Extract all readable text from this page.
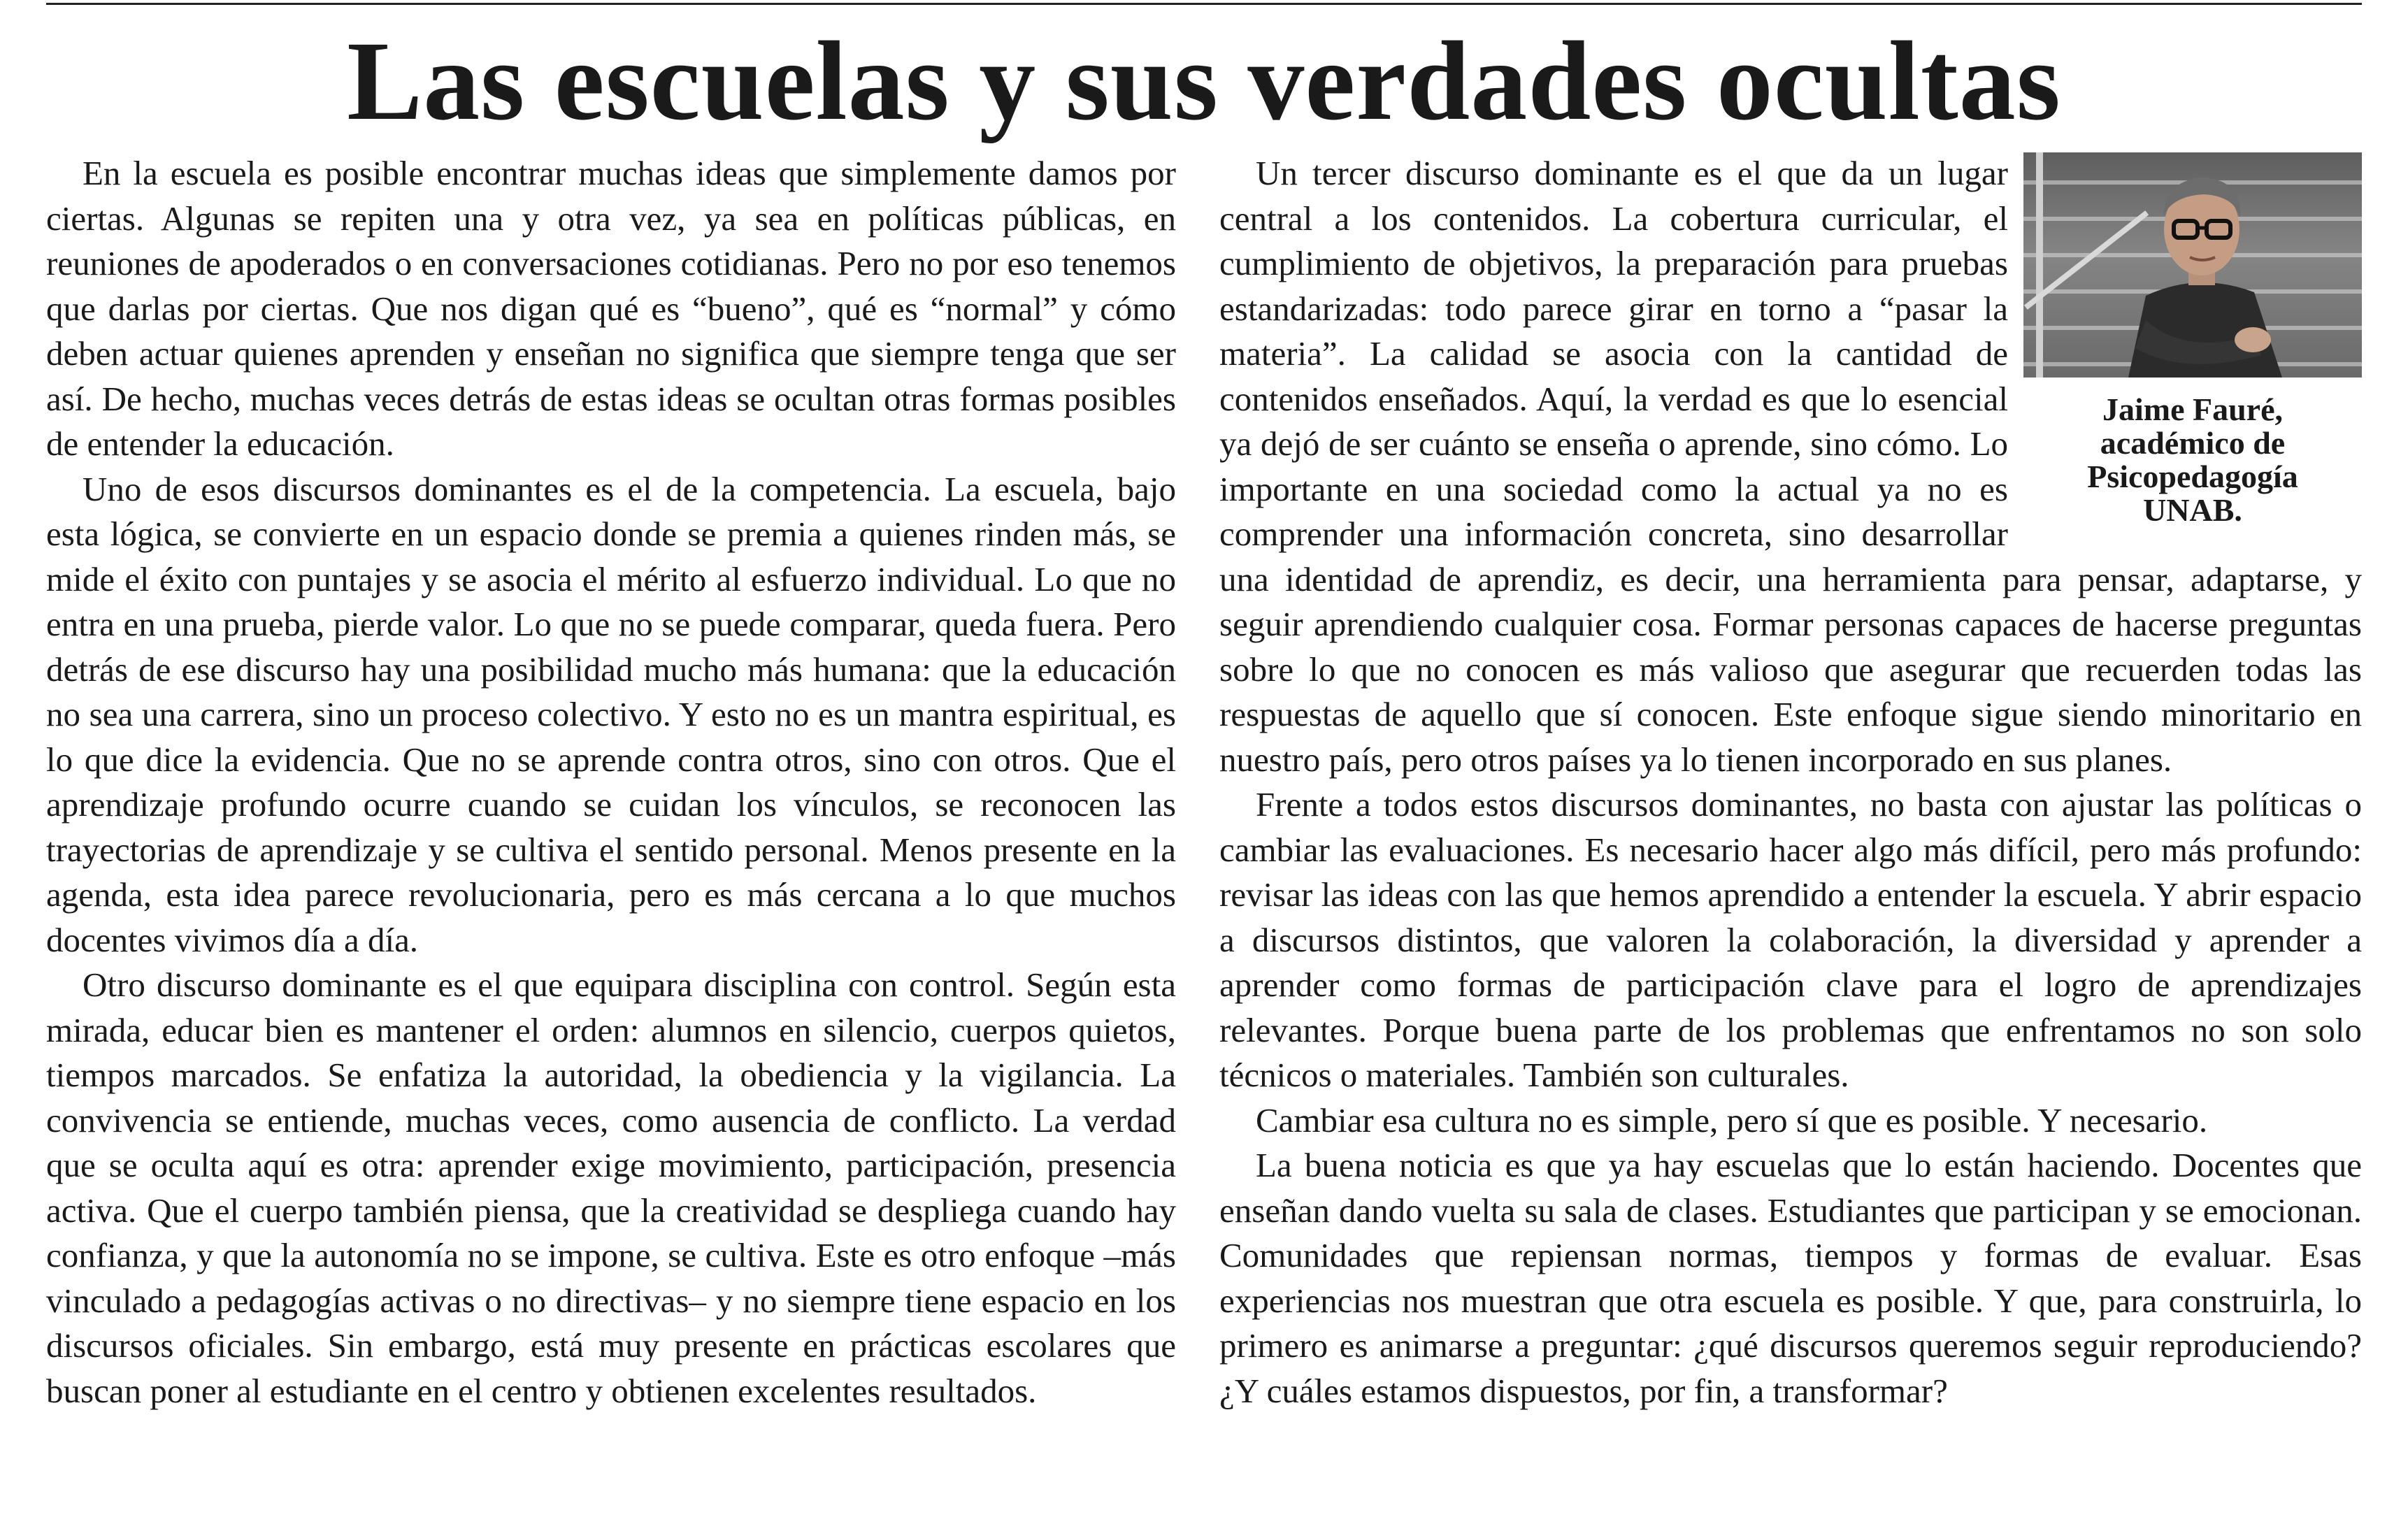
Las escuelas y sus verdades ocultas

En la escuela es posible encontrar muchas ideas que simplemente damos por ciertas. Algunas se repiten una y otra vez, ya sea en políticas públicas, en reuniones de apoderados o en conversaciones cotidianas. Pero no por eso tenemos que darlas por ciertas. Que nos digan qué es “bueno”, qué es “normal” y cómo deben actuar quienes aprenden y enseñan no significa que siempre tenga que ser así. De hecho, muchas veces detrás de estas ideas se ocultan otras formas posibles de entender la educación.

Uno de esos discursos dominantes es el de la competencia. La escuela, bajo esta lógica, se convierte en un espacio donde se premia a quienes rinden más, se mide el éxito con puntajes y se asocia el mérito al esfuerzo individual. Lo que no entra en una prueba, pierde valor. Lo que no se puede comparar, queda fuera. Pero detrás de ese discurso hay una posibilidad mucho más humana: que la educación no sea una carrera, sino un proceso colectivo. Y esto no es un mantra espiritual, es lo que dice la evidencia. Que no se aprende contra otros, sino con otros. Que el aprendizaje profundo ocurre cuando se cuidan los vínculos, se reconocen las trayectorias de aprendizaje y se cultiva el sentido personal. Menos presente en la agenda, esta idea parece revolucionaria, pero es más cercana a lo que muchos docentes vivimos día a día.

Otro discurso dominante es el que equipara disciplina con control. Según esta mirada, educar bien es mantener el orden: alumnos en silencio, cuerpos quietos, tiempos marcados. Se enfatiza la autoridad, la obediencia y la vigilancia. La convivencia se entiende, muchas veces, como ausencia de conflicto. La verdad que se oculta aquí es otra: aprender exige movimiento, participación, presencia activa. Que el cuerpo también piensa, que la creatividad se despliega cuando hay confianza, y que la autonomía no se impone, se cultiva. Este es otro enfoque –más vinculado a pedagogías activas o no directivas– y no siempre tiene espacio en los discursos oficiales. Sin embargo, está muy presente en prácticas escolares que buscan poner al estudiante en el centro y obtienen excelentes resultados.

Jaime Fauré,
académico de
Psicopedagogía
UNAB.

Un tercer discurso dominante es el que da un lugar central a los contenidos. La cobertura curricular, el cumplimiento de objetivos, la preparación para pruebas estandarizadas: todo parece girar en torno a “pasar la materia”. La calidad se asocia con la cantidad de contenidos enseñados. Aquí, la verdad es que lo esencial ya dejó de ser cuánto se enseña o aprende, sino cómo. Lo importante en una sociedad como la actual ya no es comprender una información concreta, sino desarrollar una identidad de aprendiz, es decir, una herramienta para pensar, adaptarse, y seguir aprendiendo cualquier cosa. Formar personas capaces de hacerse preguntas sobre lo que no conocen es más valioso que asegurar que recuerden todas las respuestas de aquello que sí conocen. Este enfoque sigue siendo minoritario en nuestro país, pero otros países ya lo tienen incorporado en sus planes.

Frente a todos estos discursos dominantes, no basta con ajustar las políticas o cambiar las evaluaciones. Es necesario hacer algo más difícil, pero más profundo: revisar las ideas con las que hemos aprendido a entender la escuela. Y abrir espacio a discursos distintos, que valoren la colaboración, la diversidad y aprender a aprender como formas de participación clave para el logro de aprendizajes relevantes. Porque buena parte de los problemas que enfrentamos no son solo técnicos o materiales. También son culturales.

Cambiar esa cultura no es simple, pero sí que es posible. Y necesario.

La buena noticia es que ya hay escuelas que lo están haciendo. Docentes que enseñan dando vuelta su sala de clases. Estudiantes que participan y se emocionan. Comunidades que repiensan normas, tiempos y formas de evaluar. Esas experiencias nos muestran que otra escuela es posible. Y que, para construirla, lo primero es animarse a preguntar: ¿qué discursos queremos seguir reproduciendo? ¿Y cuáles estamos dispuestos, por fin, a transformar?
